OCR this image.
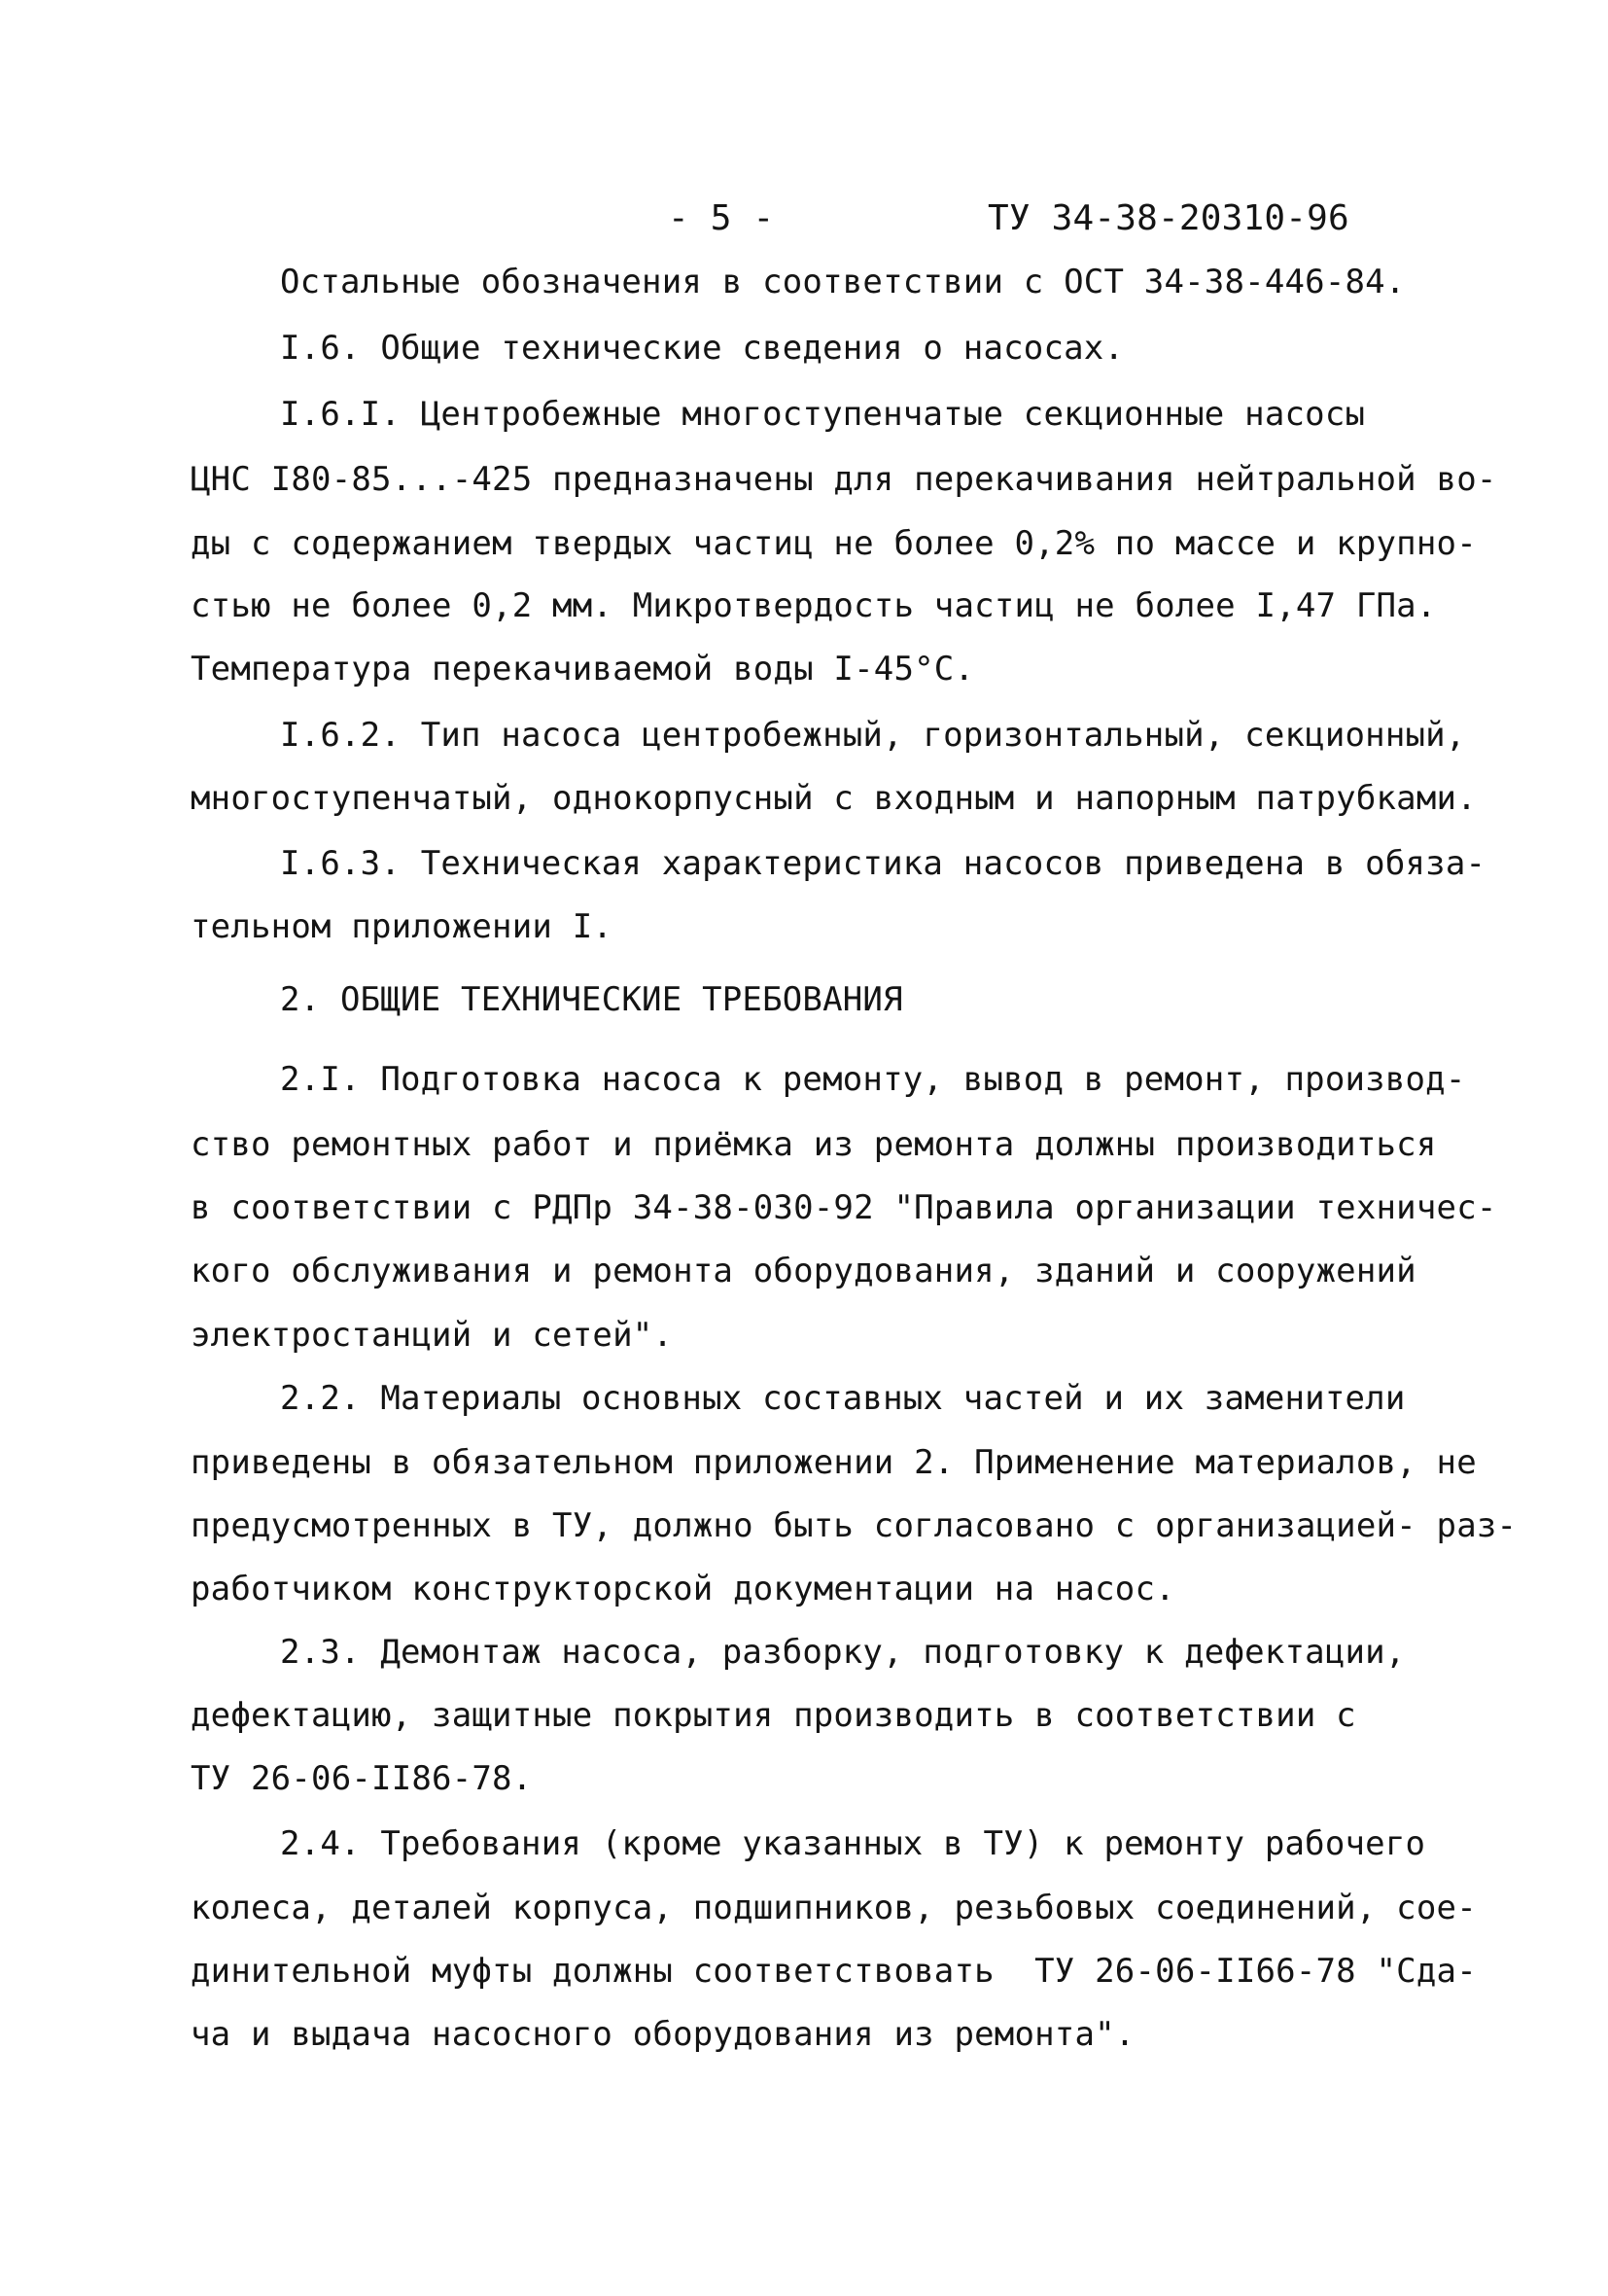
- 5 -	ТУ 34-38-20310-96
Остальные обозначения в соответствии с ОСТ 34-38-446-84.
I.6. Общие технические сведения о насосах.
I.6.I. Центробежные многоступенчатые секционные насосы
ЦНС I80-85...-425 предназначены для перекачивания нейтральной во-
ды с содержанием твердых частиц не более 0,2% по массе и крупно-
стью не более 0,2 мм. Микротвердость частиц не более I,47 ГПа.
Температура перекачиваемой воды I-45°С.
I.6.2. Тип насоса центробежный, горизонтальный, секционный,
многоступенчатый, однокорпусный с входным и напорным патрубками.
I.6.3. Техническая характеристика насосов приведена в обяза-
тельном приложении I.
2. ОБЩИЕ ТЕХНИЧЕСКИЕ ТРЕБОВАНИЯ
2.I. Подготовка насоса к ремонту, вывод в ремонт, производ-
ство ремонтных работ и приёмка из ремонта должны производиться
в соответствии с РДПр 34-38-030-92 "Правила организации техничес-
кого обслуживания и ремонта оборудования, зданий и сооружений
электростанций и сетей".
2.2. Материалы основных составных частей и их заменители
приведены в обязательном приложении 2. Применение материалов, не
предусмотренных в ТУ, должно быть согласовано с организацией- раз-
работчиком конструкторской документации на насос.
2.3. Демонтаж насоса, разборку, подготовку к дефектации,
дефектацию, защитные покрытия производить в соответствии с
ТУ 26-06-II86-78.
2.4. Требования (кроме указанных в ТУ) к ремонту рабочего
колеса, деталей корпуса, подшипников, резьбовых соединений, сое-
динительной муфты должны соответствовать  ТУ 26-06-II66-78 "Сда-
ча и выдача насосного оборудования из ремонта".
